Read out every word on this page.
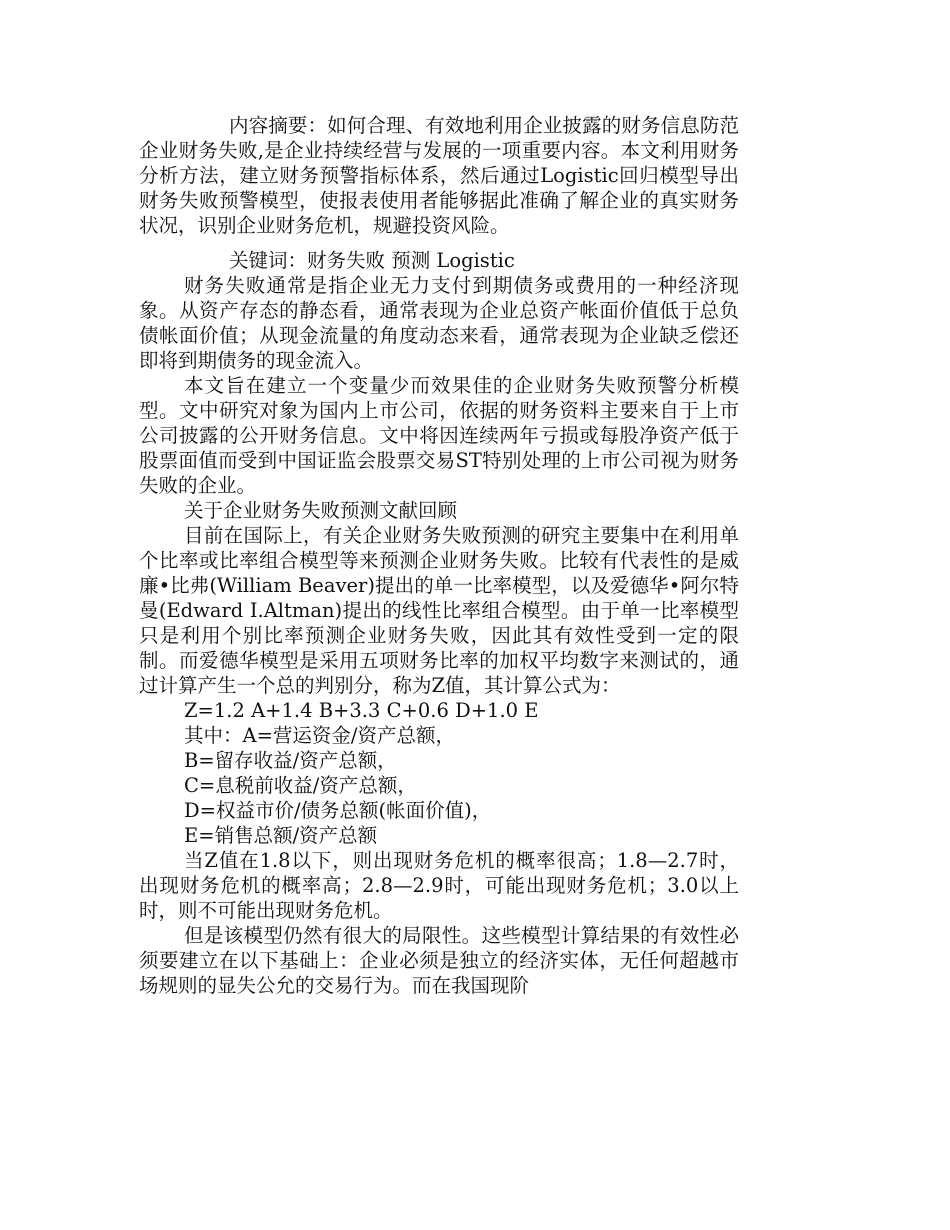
内容摘要：如何合理、有效地利用企业披露的财务信息防范企业财务失败,是企业持续经营与发展的一项重要内容。本文利用财务分析方法，建立财务预警指标体系，然后通过Logistic回归模型导出财务失败预警模型，使报表使用者能够据此准确了解企业的真实财务状况，识别企业财务危机，规避投资风险。

关键词：财务失败 预测 Logistic

财务失败通常是指企业无力支付到期债务或费用的一种经济现象。从资产存态的静态看，通常表现为企业总资产帐面价值低于总负债帐面价值；从现金流量的角度动态来看，通常表现为企业缺乏偿还即将到期债务的现金流入。

本文旨在建立一个变量少而效果佳的企业财务失败预警分析模型。文中研究对象为国内上市公司，依据的财务资料主要来自于上市公司披露的公开财务信息。文中将因连续两年亏损或每股净资产低于股票面值而受到中国证监会股票交易ST特别处理的上市公司视为财务失败的企业。

关于企业财务失败预测文献回顾

目前在国际上，有关企业财务失败预测的研究主要集中在利用单个比率或比率组合模型等来预测企业财务失败。比较有代表性的是威廉•比弗(William Beaver)提出的单一比率模型，以及爱德华•阿尔特曼(Edward I.Altman)提出的线性比率组合模型。由于单一比率模型只是利用个别比率预测企业财务失败，因此其有效性受到一定的限制。而爱德华模型是采用五项财务比率的加权平均数字来测试的，通过计算产生一个总的判别分，称为Z值，其计算公式为：

Z=1.2 A+1.4 B+3.3 C+0.6 D+1.0 E

其中：A=营运资金/资产总额，
B=留存收益/资产总额，
C=息税前收益/资产总额，
D=权益市价/债务总额(帐面价值)，
E=销售总额/资产总额

当Z值在1.8以下，则出现财务危机的概率很高；1.8—2.7时，出现财务危机的概率高；2.8—2.9时，可能出现财务危机；3.0以上时，则不可能出现财务危机。

但是该模型仍然有很大的局限性。这些模型计算结果的有效性必须要建立在以下基础上：企业必须是独立的经济实体，无任何超越市场规则的显失公允的交易行为。而在我国现阶
